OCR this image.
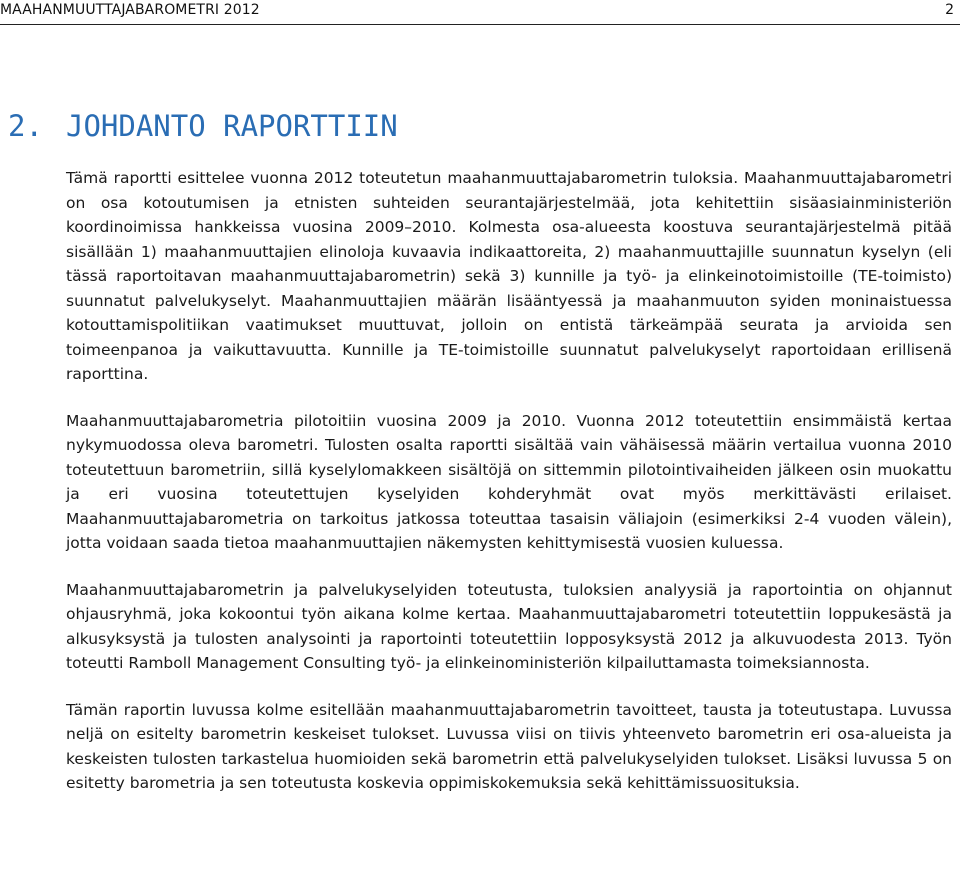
MAAHANMUUTTAJABAROMETRI 2012	2
2. JOHDANTO RAPORTTIIN

Tämä raportti esittelee vuonna 2012 toteutetun maahanmuuttajabarometrin tuloksia. Maahanmuuttajabarometri on osa kotoutumisen ja etnisten suhteiden seurantajärjestelmää, jota kehitettiin sisäasiainministeriön koordinoimissa hankkeissa vuosina 2009–2010. Kolmesta osa-alueesta koostuva seurantajärjestelmä pitää sisällään 1) maahanmuuttajien elinoloja kuvaavia indikaattoreita, 2) maahanmuuttajille suunnatun kyselyn (eli tässä raportoitavan maahanmuuttajabarometrin) sekä 3) kunnille ja työ- ja elinkeinotoimistoille (TE-toimisto) suunnatut palvelukyselyt. Maahanmuuttajien määrän lisääntyessä ja maahanmuuton syiden moninaistuessa kotouttamispolitiikan vaatimukset muuttuvat, jolloin on entistä tärkeämpää seurata ja arvioida sen toimeenpanoa ja vaikuttavuutta. Kunnille ja TE-toimistoille suunnatut palvelukyselyt raportoidaan erillisenä raporttina.

Maahanmuuttajabarometria pilotoitiin vuosina 2009 ja 2010. Vuonna 2012 toteutettiin ensimmäistä kertaa nykymuodossa oleva barometri. Tulosten osalta raportti sisältää vain vähäisessä määrin vertailua vuonna 2010 toteutettuun barometriin, sillä kyselylomakkeen sisältöjä on sittemmin pilotointivaiheiden jälkeen osin muokattu ja eri vuosina toteutettujen kyselyiden kohderyhmät ovat myös merkittävästi erilaiset. Maahanmuuttajabarometria on tarkoitus jatkossa toteuttaa tasaisin väliajoin (esimerkiksi 2-4 vuoden välein), jotta voidaan saada tietoa maahanmuuttajien näkemysten kehittymisestä vuosien kuluessa.

Maahanmuuttajabarometrin ja palvelukyselyiden toteutusta, tuloksien analyysiä ja raportointia on ohjannut ohjausryhmä, joka kokoontui työn aikana kolme kertaa. Maahanmuuttajabarometri toteutettiin loppukesästä ja alkusyksystä ja tulosten analysointi ja raportointi toteutettiin lopposyksystä 2012 ja alkuvuodesta 2013. Työn toteutti Ramboll Management Consulting työ- ja elinkeinoministeriön kilpailuttamasta toimeksiannosta.

Tämän raportin luvussa kolme esitellään maahanmuuttajabarometrin tavoitteet, tausta ja toteutustapa. Luvussa neljä on esitelty barometrin keskeiset tulokset. Luvussa viisi on tiivis yhteenveto barometrin eri osa-alueista ja keskeisten tulosten tarkastelua huomioiden sekä barometrin että palvelukyselyiden tulokset. Lisäksi luvussa 5 on esitetty barometria ja sen toteutusta koskevia oppimiskokemuksia sekä kehittämissuosituksia.
